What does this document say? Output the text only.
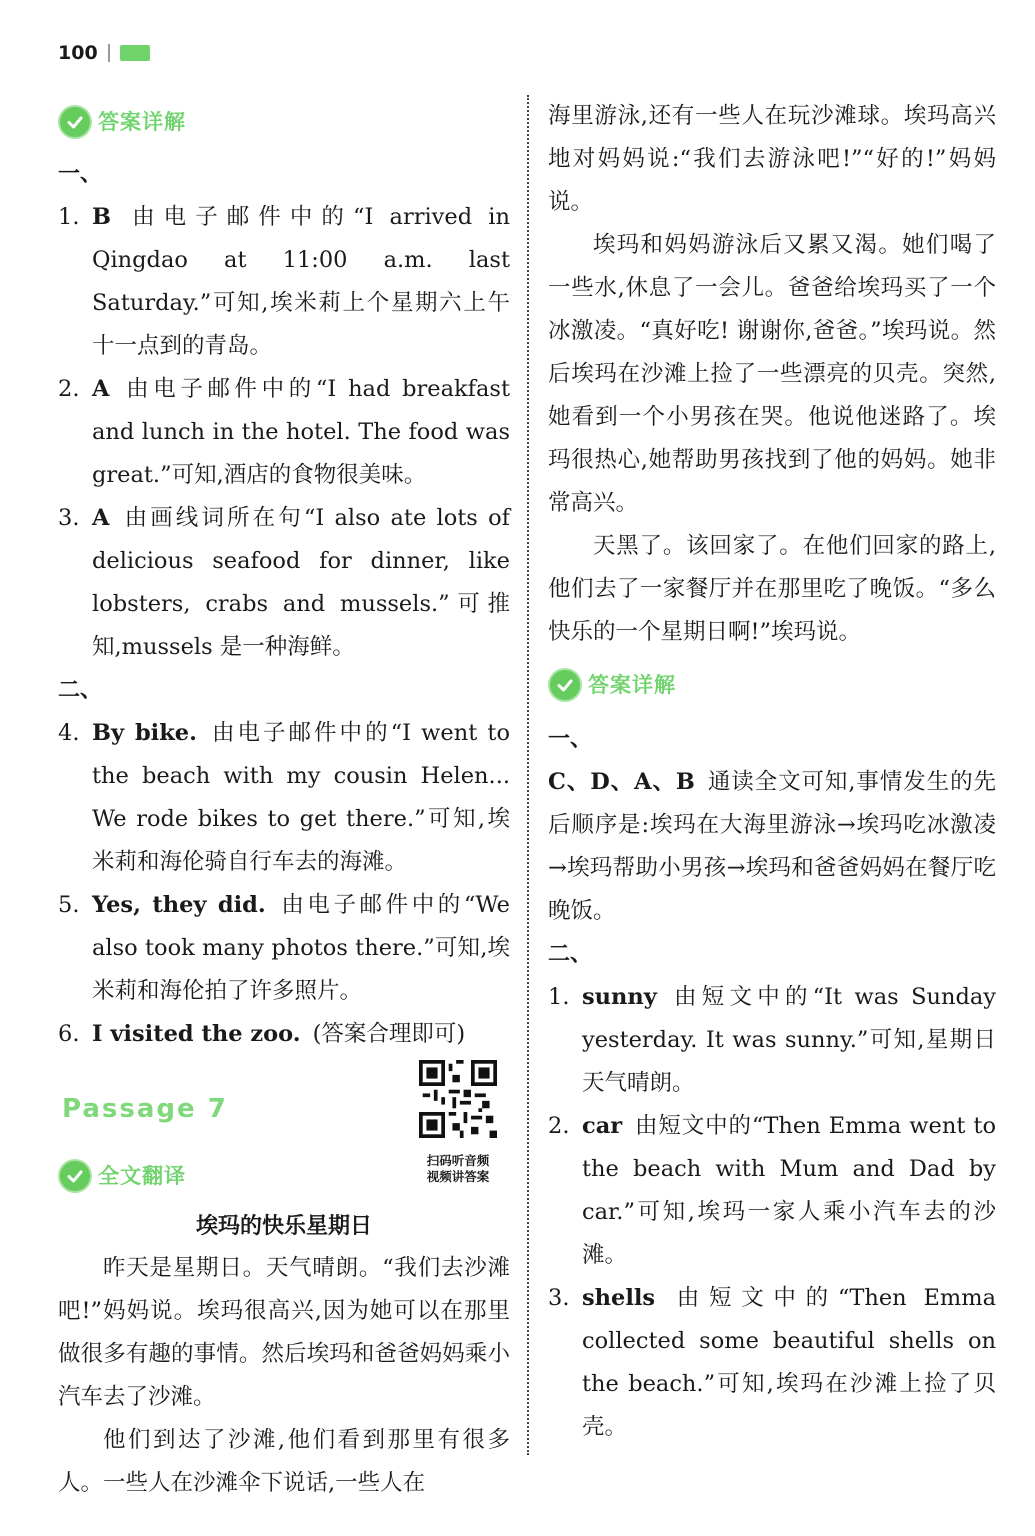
100
答案详解
一、
1. B 由电子邮件中的“I arrived in Qingdao at 11:00 a.m. last Saturday.”可知,埃米莉上个星期六上午十一点到的青岛。
2. A 由电子邮件中的“I had breakfast and lunch in the hotel. The food was great.”可知,酒店的食物很美味。
3. A 由画线词所在句“I also ate lots of delicious seafood for dinner, like lobsters, crabs and mussels.”可推知,mussels 是一种海鲜。
二、
4. By bike. 由电子邮件中的“I went to the beach with my cousin Helen... We rode bikes to get there.”可知,埃米莉和海伦骑自行车去的海滩。
5. Yes, they did. 由电子邮件中的“We also took many photos there.”可知,埃米莉和海伦拍了许多照片。
6. I visited the zoo. (答案合理即可)
Passage 7
扫码听音频
视频讲答案
全文翻译
埃玛的快乐星期日
昨天是星期日。天气晴朗。“我们去沙滩吧!”妈妈说。埃玛很高兴,因为她可以在那里做很多有趣的事情。然后埃玛和爸爸妈妈乘小汽车去了沙滩。
他们到达了沙滩,他们看到那里有很多人。一些人在沙滩伞下说话,一些人在
海里游泳,还有一些人在玩沙滩球。埃玛高兴地对妈妈说:“我们去游泳吧!”“好的!”妈妈说。
埃玛和妈妈游泳后又累又渴。她们喝了一些水,休息了一会儿。爸爸给埃玛买了一个冰激凌。“真好吃! 谢谢你,爸爸。”埃玛说。然后埃玛在沙滩上捡了一些漂亮的贝壳。突然,她看到一个小男孩在哭。他说他迷路了。埃玛很热心,她帮助男孩找到了他的妈妈。她非常高兴。
天黑了。该回家了。在他们回家的路上,他们去了一家餐厅并在那里吃了晚饭。“多么快乐的一个星期日啊!”埃玛说。
答案详解
一、
C、D、A、B 通读全文可知,事情发生的先后顺序是:埃玛在大海里游泳→埃玛吃冰激凌→埃玛帮助小男孩→埃玛和爸爸妈妈在餐厅吃晚饭。
二、
1. sunny 由短文中的“It was Sunday yesterday. It was sunny.”可知,星期日天气晴朗。
2. car 由短文中的“Then Emma went to the beach with Mum and Dad by car.”可知,埃玛一家人乘小汽车去的沙滩。
3. shells 由短文中的“Then Emma collected some beautiful shells on the beach.”可知,埃玛在沙滩上捡了贝壳。
